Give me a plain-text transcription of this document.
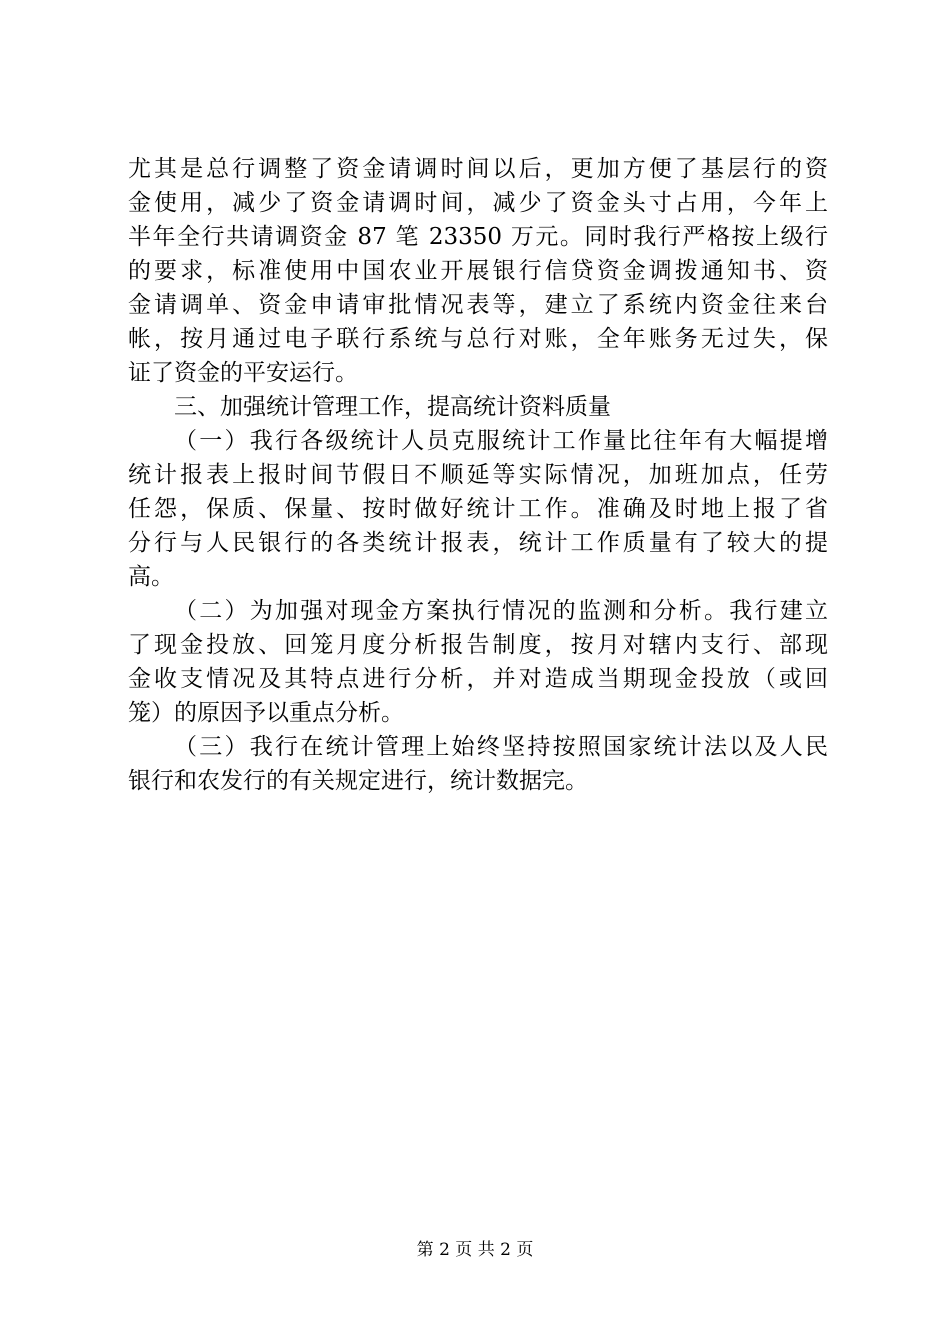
尤其是总行调整了资金请调时间以后，更加方便了基层行的资
金使用，减少了资金请调时间，减少了资金头寸占用，今年上
半年全行共请调资金 87 笔 23350 万元。同时我行严格按上级行
的要求，标准使用中国农业开展银行信贷资金调拨通知书、资
金请调单、资金申请审批情况表等，建立了系统内资金往来台
帐，按月通过电子联行系统与总行对账，全年账务无过失，保
证了资金的平安运行。
三、加强统计管理工作，提高统计资料质量
（一）我行各级统计人员克服统计工作量比往年有大幅提增
统计报表上报时间节假日不顺延等实际情况，加班加点，任劳
任怨，保质、保量、按时做好统计工作。准确及时地上报了省
分行与人民银行的各类统计报表，统计工作质量有了较大的提
高。
（二）为加强对现金方案执行情况的监测和分析。我行建立
了现金投放、回笼月度分析报告制度，按月对辖内支行、部现
金收支情况及其特点进行分析，并对造成当期现金投放（或回
笼）的原因予以重点分析。
（三）我行在统计管理上始终坚持按照国家统计法以及人民
银行和农发行的有关规定进行，统计数据完。
第 2 页 共 2 页
